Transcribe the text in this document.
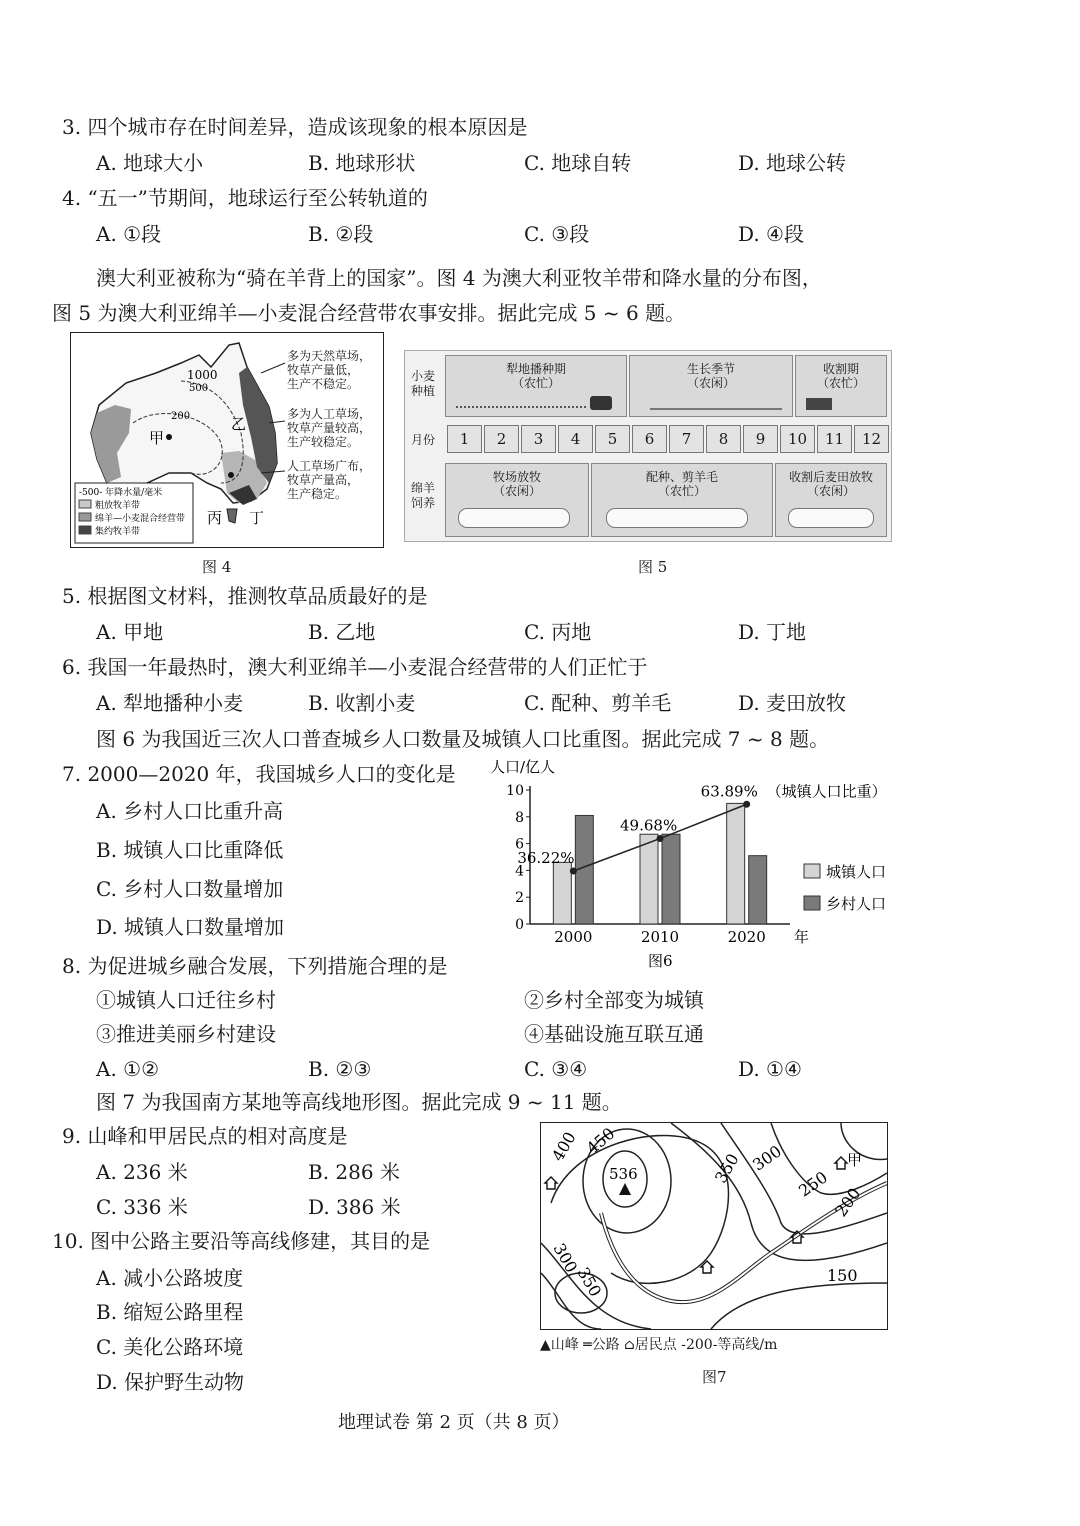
3. 四个城市存在时间差异，造成该现象的根本原因是
A. 地球大小	B. 地球形状	C. 地球自转	D. 地球公转
4. “五一”节期间，地球运行至公转轨道的
A. ①段	B. ②段	C. ③段	D. ④段
澳大利亚被称为“骑在羊背上的国家”。图 4 为澳大利亚牧羊带和降水量的分布图，
图 5 为澳大利亚绵羊—小麦混合经营带农事安排。据此完成 5 ~ 6 题。
1000
500
200
甲
乙
丙 丁
-500- 年降水量/毫米
粗放牧羊带
绵羊—小麦混合经营带
集约牧羊带
多为天然草场，
牧草产量低，
生产不稳定。
多为人工草场，
牧草产量较高，
生产较稳定。
人工草场广布，
牧草产量高，
生产稳定。
图 4
小麦
种植
犁地播种期
（农忙）
生长季节
（农闲）
收割期
（农忙）
月份	1	2	3	4	5	6	7	8	9	10	11	12
绵羊
饲养
牧场放牧
（农闲）
配种、剪羊毛
（农忙）
收割后麦田放牧
（农闲）
图 5
5. 根据图文材料，推测牧草品质最好的是
A. 甲地	B. 乙地	C. 丙地	D. 丁地
6. 我国一年最热时，澳大利亚绵羊—小麦混合经营带的人们正忙于
A. 犁地播种小麦	B. 收割小麦	C. 配种、剪羊毛	D. 麦田放牧
图 6 为我国近三次人口普查城乡人口数量及城镇人口比重图。据此完成 7 ~ 8 题。
7. 2000—2020 年，我国城乡人口的变化是
A. 乡村人口比重升高
B. 城镇人口比重降低
C. 乡村人口数量增加
D. 城镇人口数量增加
人口/亿人
0
2
4
6
8
10
2000	2010	2020 年
36.22%
49.68%
63.89% （城镇人口比重）
城镇人口
乡村人口
图6
8. 为促进城乡融合发展，下列措施合理的是
①城镇人口迁往乡村	②乡村全部变为城镇
③推进美丽乡村建设	④基础设施互联互通
A. ①②	B. ②③	C. ③④	D. ①④
图 7 为我国南方某地等高线地形图。据此完成 9 ~ 11 题。
9. 山峰和甲居民点的相对高度是
A. 236 米	B. 286 米
C. 336 米	D. 386 米
10. 图中公路主要沿等高线修建，其目的是
A. 减小公路坡度
B. 缩短公路里程
C. 美化公路环境
D. 保护野生动物
400 450
536	350 300
250
200
300
350	150
甲
▲山峰 ═公路 ⌂居民点 -200-等高线/m
图7
地理试卷 第 2 页（共 8 页）
